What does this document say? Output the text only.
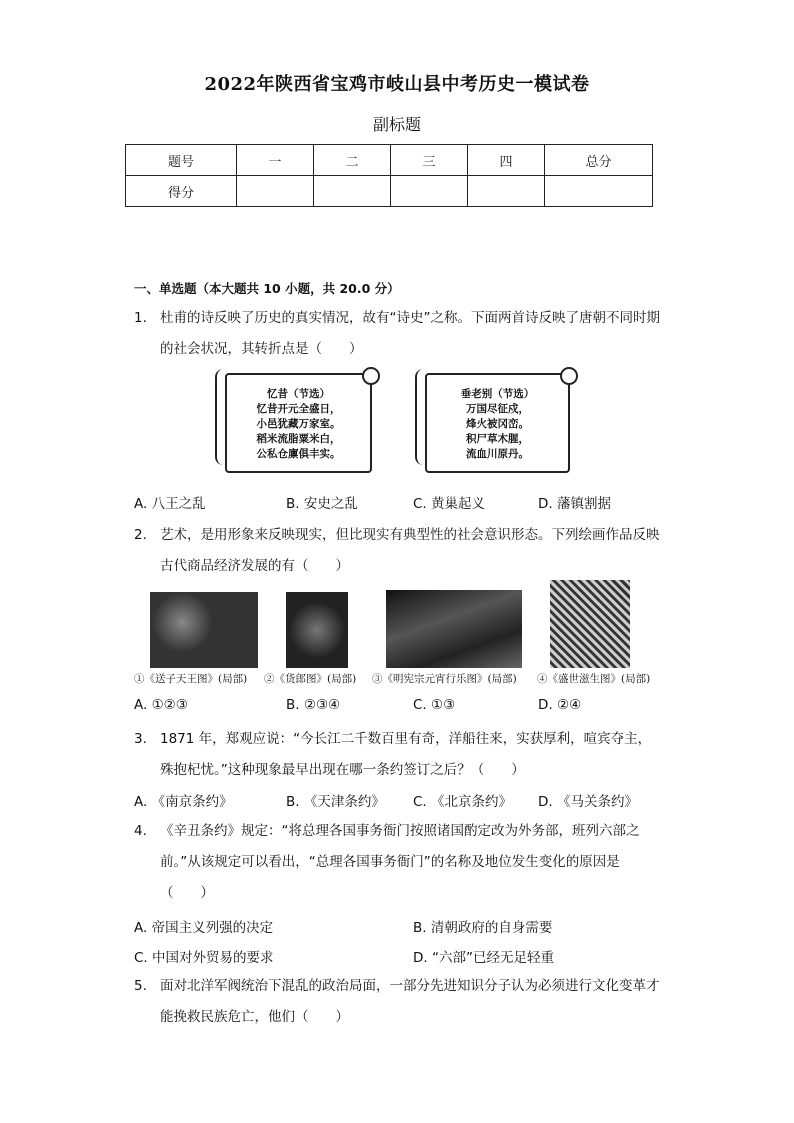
2022年陕西省宝鸡市岐山县中考历史一模试卷
副标题
题号	一	二	三	四	总分
得分					
一、单选题（本大题共 10 小题，共 20.0 分）
1. 杜甫的诗反映了历史的真实情况，故有“诗史”之称。下面两首诗反映了唐朝不同时期的社会状况，其转折点是（　　）
忆昔（节选）
忆昔开元全盛日，
小邑犹藏万家室。
稻米流脂粟米白，
公私仓廪俱丰实。
垂老别（节选）
万国尽征戍，
烽火被冈峦。
积尸草木腥，
流血川原丹。
A. 八王之乱	B. 安史之乱	C. 黄巢起义	D. 藩镇割据
2. 艺术，是用形象来反映现实，但比现实有典型性的社会意识形态。下列绘画作品反映古代商品经济发展的有（　　）
①《送子天王图》(局部) ②《货郎图》(局部) ③《明宪宗元宵行乐图》(局部) ④《盛世滋生图》(局部)
A. ①②③	B. ②③④	C. ①③	D. ②④
3. 1871 年，郑观应说：“今长江二千数百里有奇，洋船往来，实获厚利，喧宾夺主，殊抱杞忧。”这种现象最早出现在哪一条约签订之后？（　　）
A. 《南京条约》	B. 《天津条约》 C. 《北京条约》 D. 《马关条约》
4. 《辛丑条约》规定：“将总理各国事务衙门按照诸国酌定改为外务部，班列六部之前。”从该规定可以看出，“总理各国事务衙门”的名称及地位发生变化的原因是（　　）
A. 帝国主义列强的决定	B. 清朝政府的自身需要
C. 中国对外贸易的要求	D. “六部”已经无足轻重
5. 面对北洋军阀统治下混乱的政治局面，一部分先进知识分子认为必须进行文化变革才能挽救民族危亡，他们（　　）
